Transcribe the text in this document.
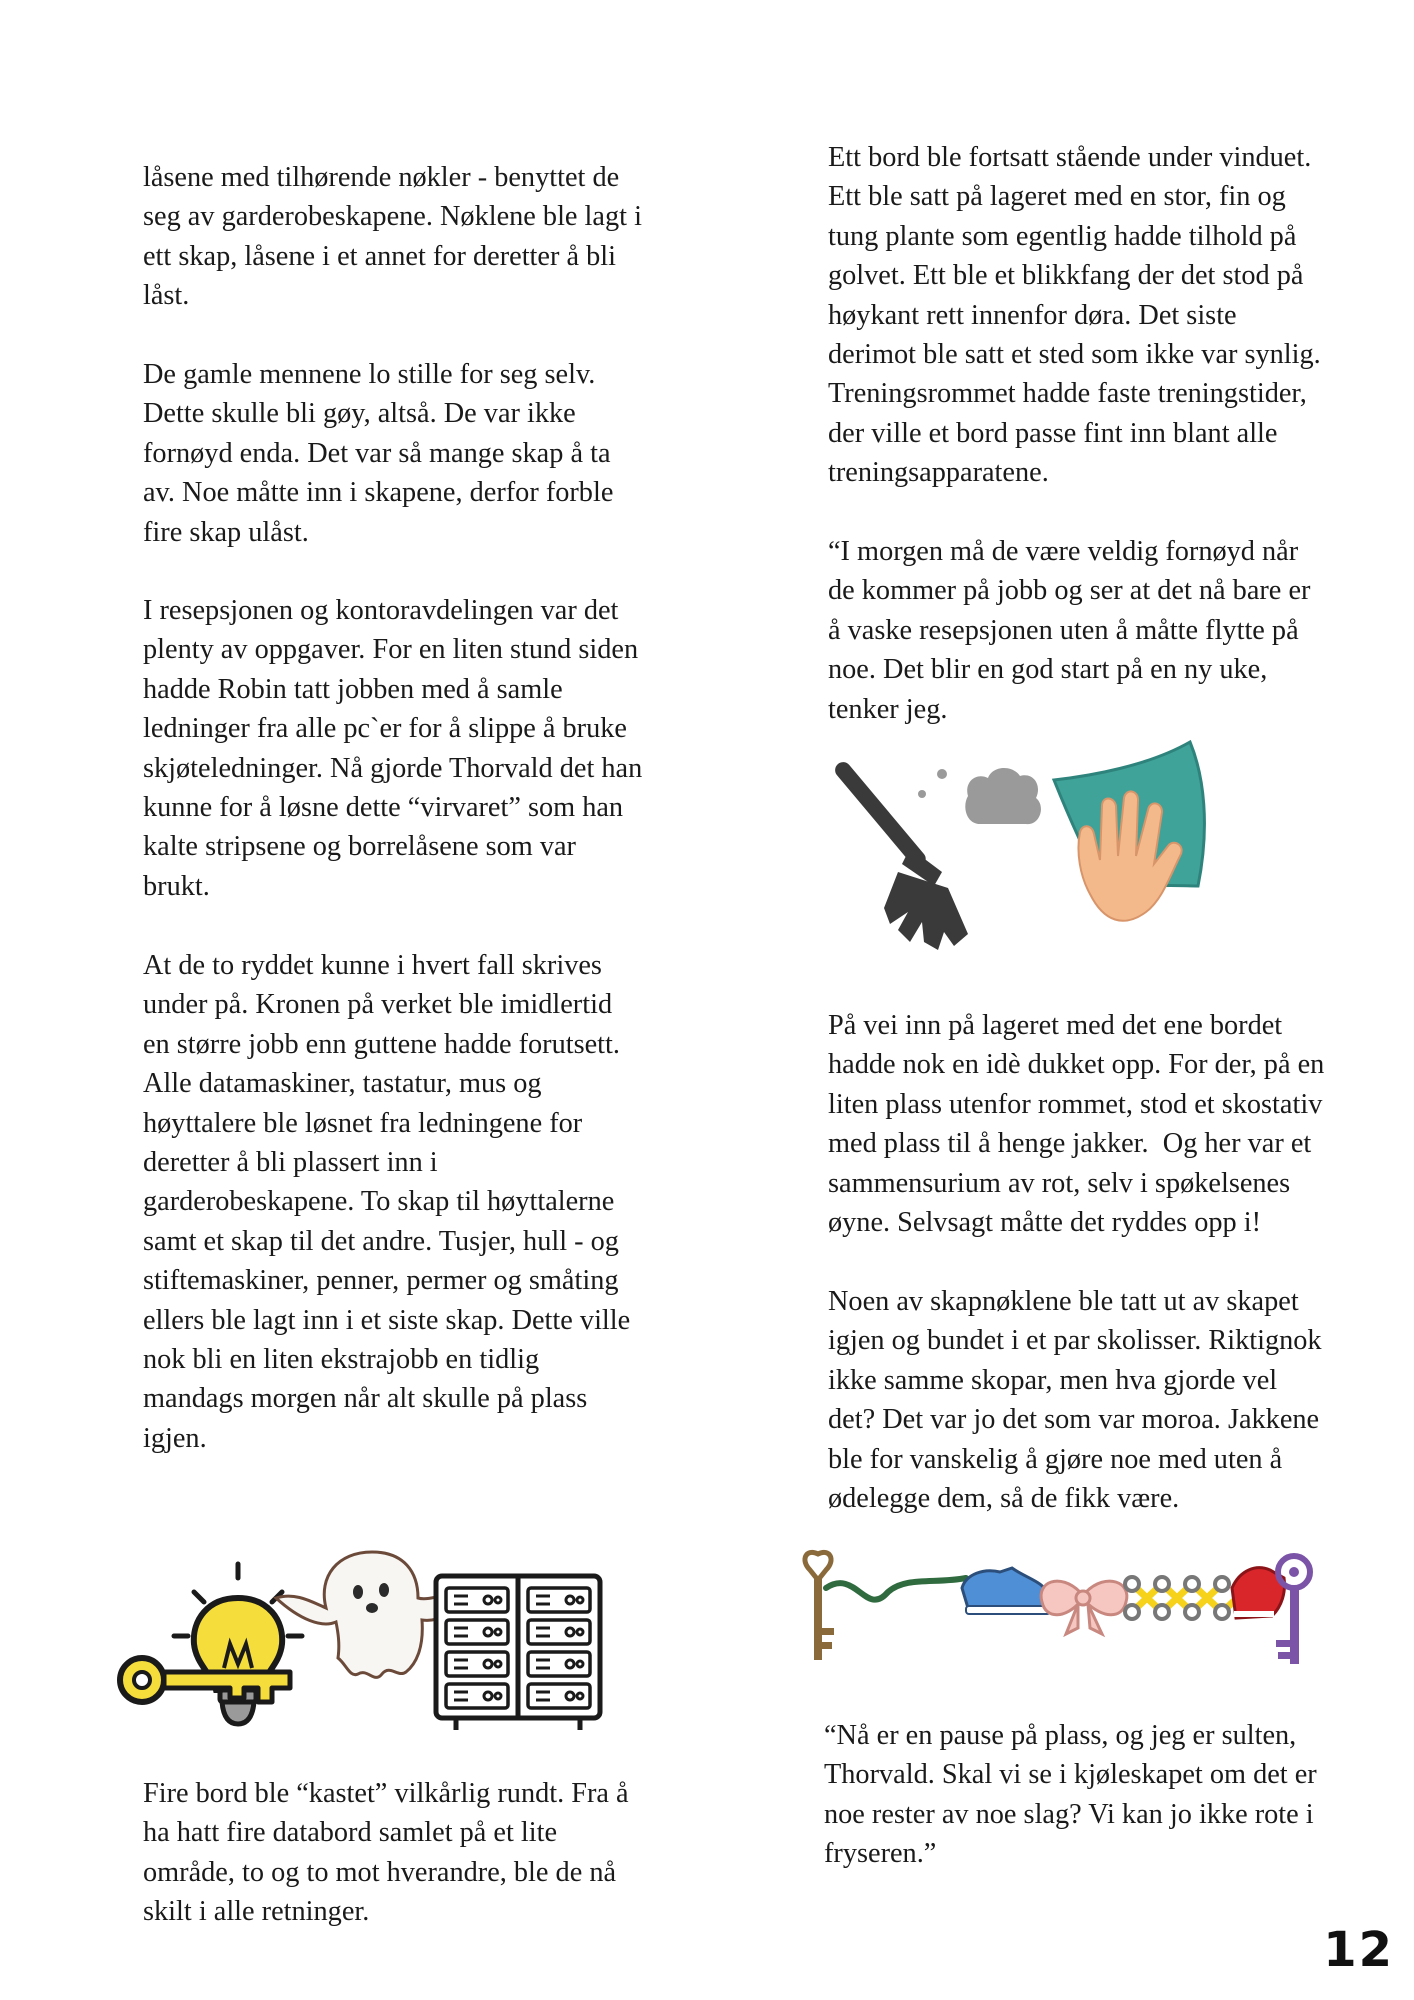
låsene med tilhørende nøkler - benyttet de
seg av garderobeskapene. Nøklene ble lagt i
ett skap, låsene i et annet for deretter å bli
låst.

De gamle mennene lo stille for seg selv.
Dette skulle bli gøy, altså. De var ikke
fornøyd enda. Det var så mange skap å ta
av. Noe måtte inn i skapene, derfor forble
fire skap ulåst.

I resepsjonen og kontoravdelingen var det
plenty av oppgaver. For en liten stund siden
hadde Robin tatt jobben med å samle
ledninger fra alle pc`er for å slippe å bruke
skjøteledninger. Nå gjorde Thorvald det han
kunne for å løsne dette “virvaret” som han
kalte stripsene og borrelåsene som var
brukt.

At de to ryddet kunne i hvert fall skrives
under på. Kronen på verket ble imidlertid
en større jobb enn guttene hadde forutsett.
Alle datamaskiner, tastatur, mus og
høyttalere ble løsnet fra ledningene for
deretter å bli plassert inn i
garderobeskapene. To skap til høyttalerne
samt et skap til det andre. Tusjer, hull - og
stiftemaskiner, penner, permer og småting
ellers ble lagt inn i et siste skap. Dette ville
nok bli en liten ekstrajobb en tidlig
mandags morgen når alt skulle på plass
igjen.

Fire bord ble “kastet” vilkårlig rundt. Fra å
ha hatt fire databord samlet på et lite
område, to og to mot hverandre, ble de nå
skilt i alle retninger.

Ett bord ble fortsatt stående under vinduet.
Ett ble satt på lageret med en stor, fin og
tung plante som egentlig hadde tilhold på
golvet. Ett ble et blikkfang der det stod på
høykant rett innenfor døra. Det siste
derimot ble satt et sted som ikke var synlig.
Treningsrommet hadde faste treningstider,
der ville et bord passe fint inn blant alle
treningsapparatene.

“I morgen må de være veldig fornøyd når
de kommer på jobb og ser at det nå bare er
å vaske resepsjonen uten å måtte flytte på
noe. Det blir en god start på en ny uke,
tenker jeg.

På vei inn på lageret med det ene bordet
hadde nok en idè dukket opp. For der, på en
liten plass utenfor rommet, stod et skostativ
med plass til å henge jakker.  Og her var et
sammensurium av rot, selv i spøkelsenes
øyne. Selvsagt måtte det ryddes opp i!

Noen av skapnøklene ble tatt ut av skapet
igjen og bundet i et par skolisser. Riktignok
ikke samme skopar, men hva gjorde vel
det? Det var jo det som var moroa. Jakkene
ble for vanskelig å gjøre noe med uten å
ødelegge dem, så de fikk være.

“Nå er en pause på plass, og jeg er sulten,
Thorvald. Skal vi se i kjøleskapet om det er
noe rester av noe slag? Vi kan jo ikke rote i
fryseren.”

12
